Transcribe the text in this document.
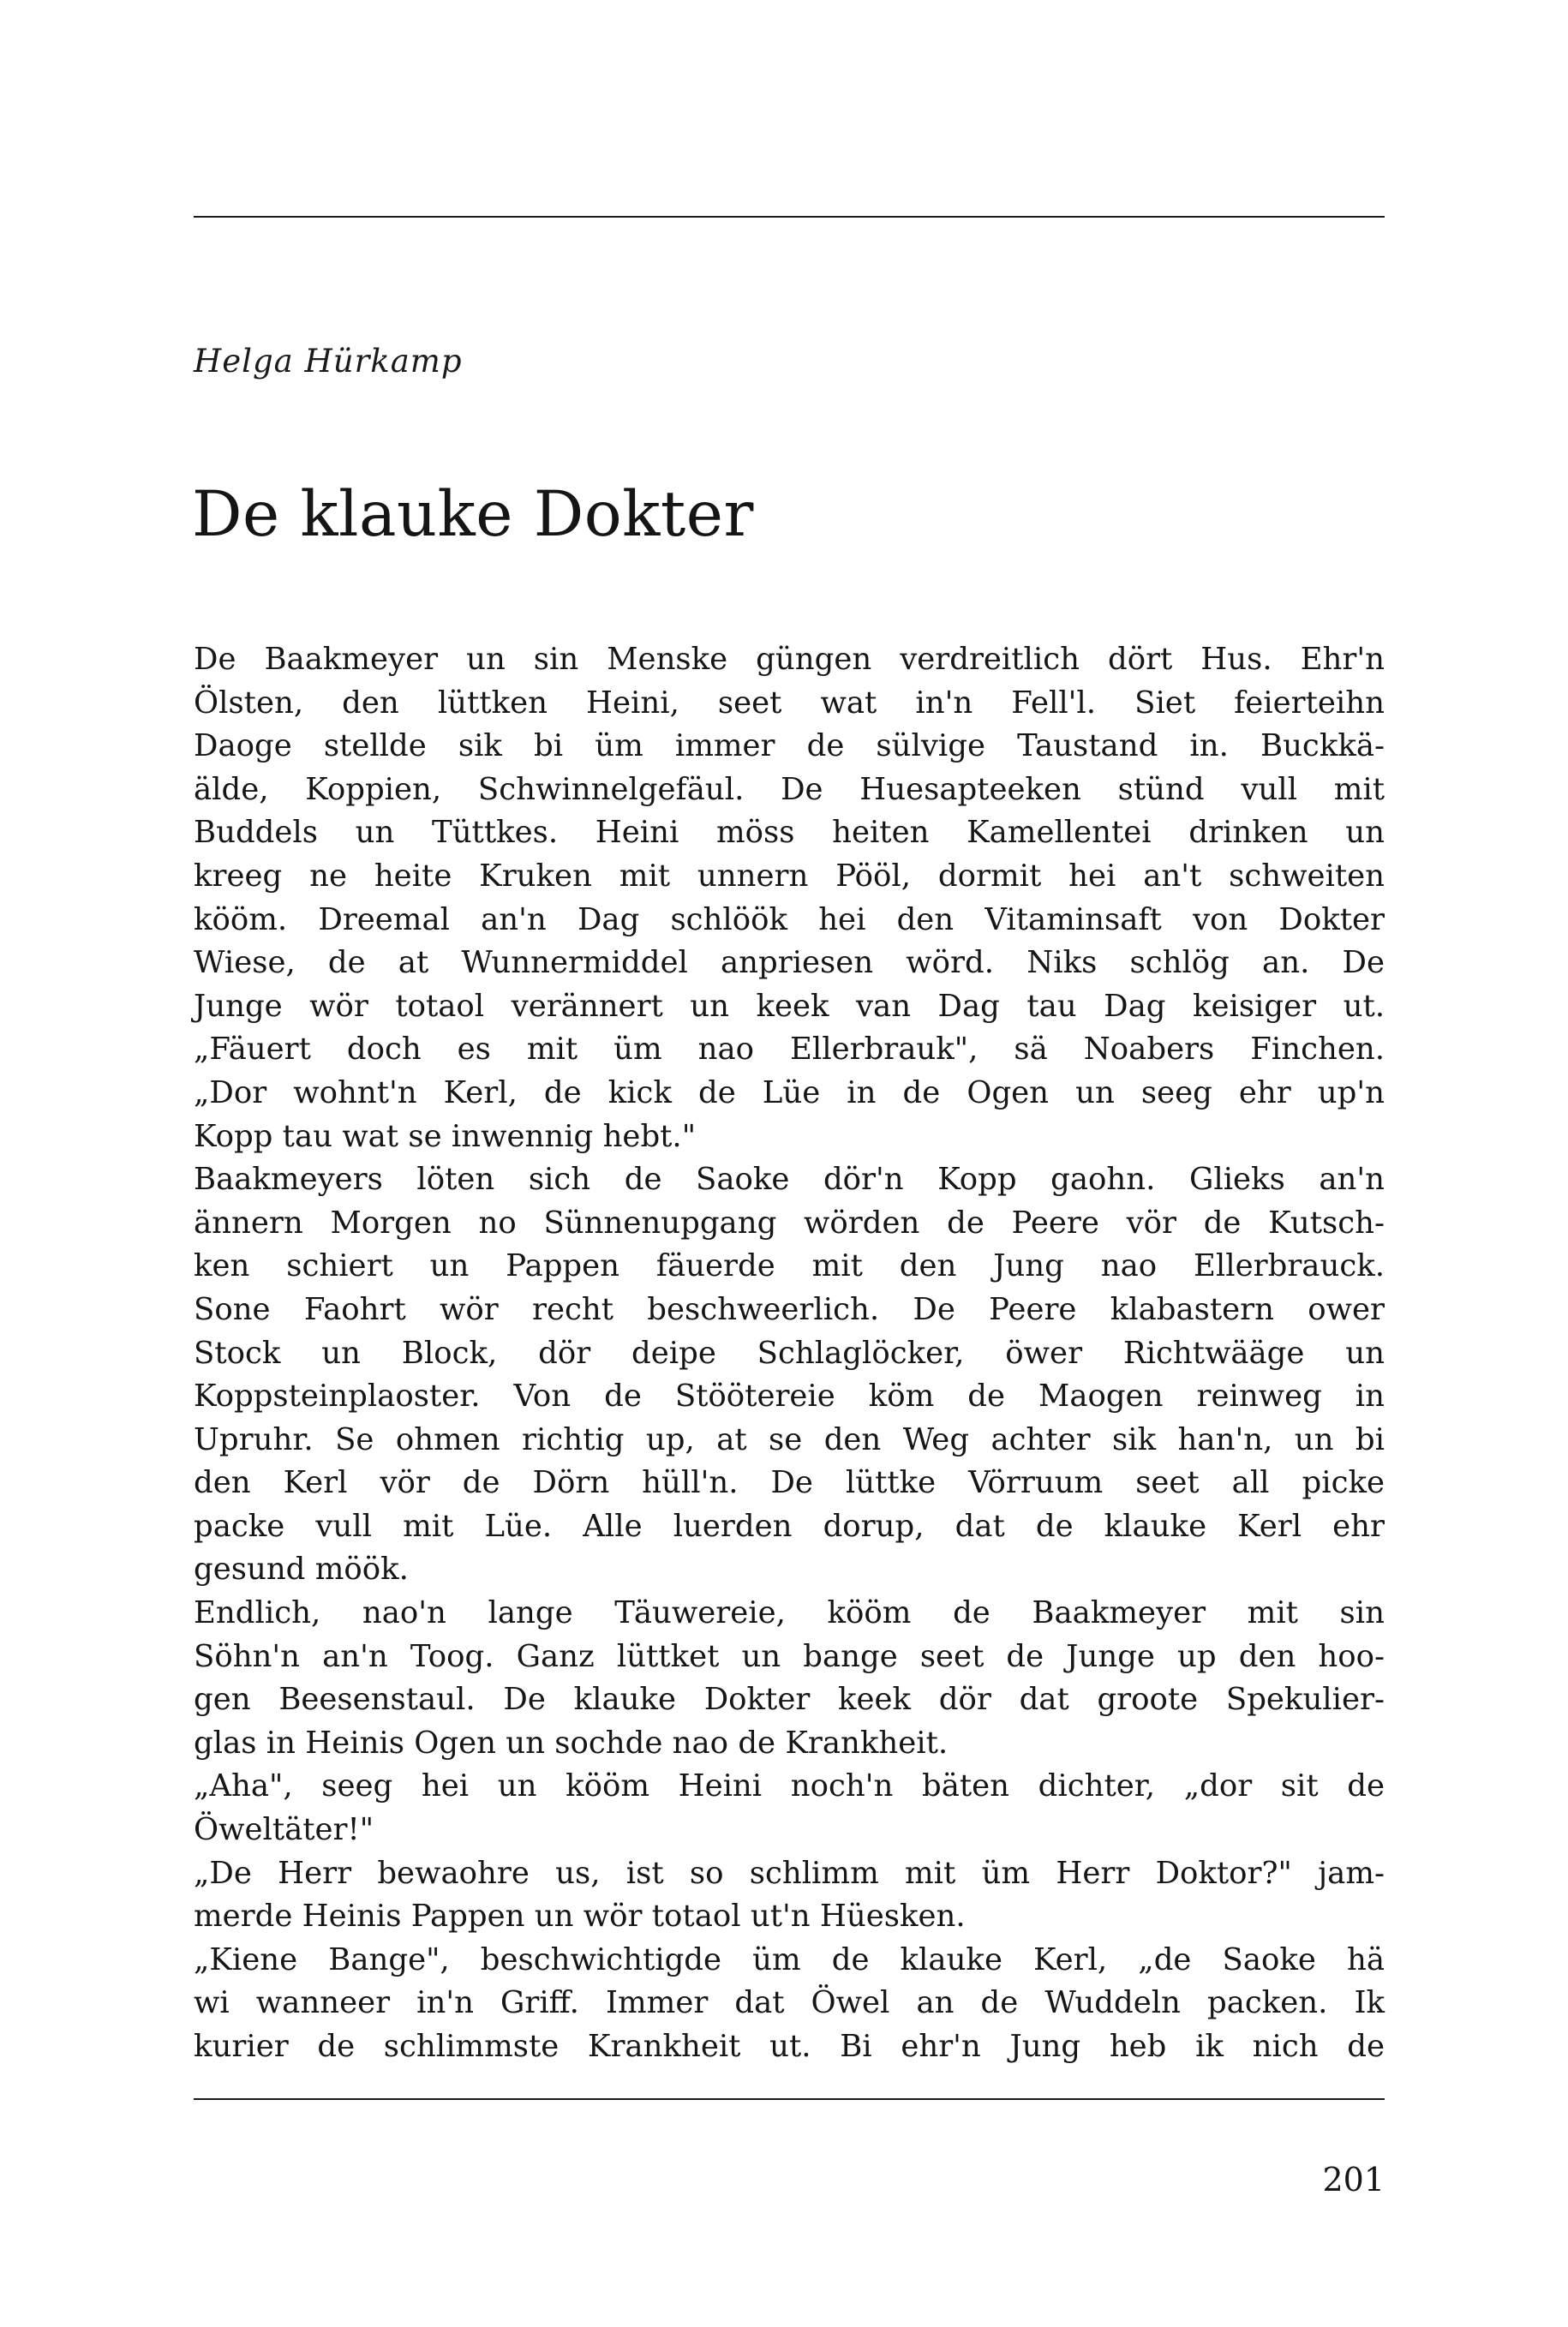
Helga Hürkamp
De klauke Dokter
De Baakmeyer un sin Menske güngen verdreitlich dört Hus. Ehr'n
Ölsten, den lüttken Heini, seet wat in'n Fell'l. Siet feierteihn
Daoge stellde sik bi üm immer de sülvige Taustand in. Buckkä-
älde, Koppien, Schwinnelgefäul. De Huesapteeken stünd vull mit
Buddels un Tüttkes. Heini möss heiten Kamellentei drinken un
kreeg ne heite Kruken mit unnern Pööl, dormit hei an't schweiten
kööm. Dreemal an'n Dag schlöök hei den Vitaminsaft von Dokter
Wiese, de at Wunnermiddel anpriesen wörd. Niks schlög an. De
Junge wör totaol verännert un keek van Dag tau Dag keisiger ut.
„Fäuert doch es mit üm nao Ellerbrauk", sä Noabers Finchen.
„Dor wohnt'n Kerl, de kick de Lüe in de Ogen un seeg ehr up'n
Kopp tau wat se inwennig hebt."
Baakmeyers löten sich de Saoke dör'n Kopp gaohn. Glieks an'n
ännern Morgen no Sünnenupgang wörden de Peere vör de Kutsch-
ken schiert un Pappen fäuerde mit den Jung nao Ellerbrauck.
Sone Faohrt wör recht beschweerlich. De Peere klabastern ower
Stock un Block, dör deipe Schlaglöcker, öwer Richtwääge un
Koppsteinplaoster. Von de Stöötereie köm de Maogen reinweg in
Upruhr. Se ohmen richtig up, at se den Weg achter sik han'n, un bi
den Kerl vör de Dörn hüll'n. De lüttke Vörruum seet all picke
packe vull mit Lüe. Alle luerden dorup, dat de klauke Kerl ehr
gesund möök.
Endlich, nao'n lange Täuwereie, kööm de Baakmeyer mit sin
Söhn'n an'n Toog. Ganz lüttket un bange seet de Junge up den hoo-
gen Beesenstaul. De klauke Dokter keek dör dat groote Spekulier-
glas in Heinis Ogen un sochde nao de Krankheit.
„Aha", seeg hei un kööm Heini noch'n bäten dichter, „dor sit de
Öweltäter!"
„De Herr bewaohre us, ist so schlimm mit üm Herr Doktor?" jam-
merde Heinis Pappen un wör totaol ut'n Hüesken.
„Kiene Bange", beschwichtigde üm de klauke Kerl, „de Saoke hä
wi wanneer in'n Griff. Immer dat Öwel an de Wuddeln packen. Ik
kurier de schlimmste Krankheit ut. Bi ehr'n Jung heb ik nich de
201
